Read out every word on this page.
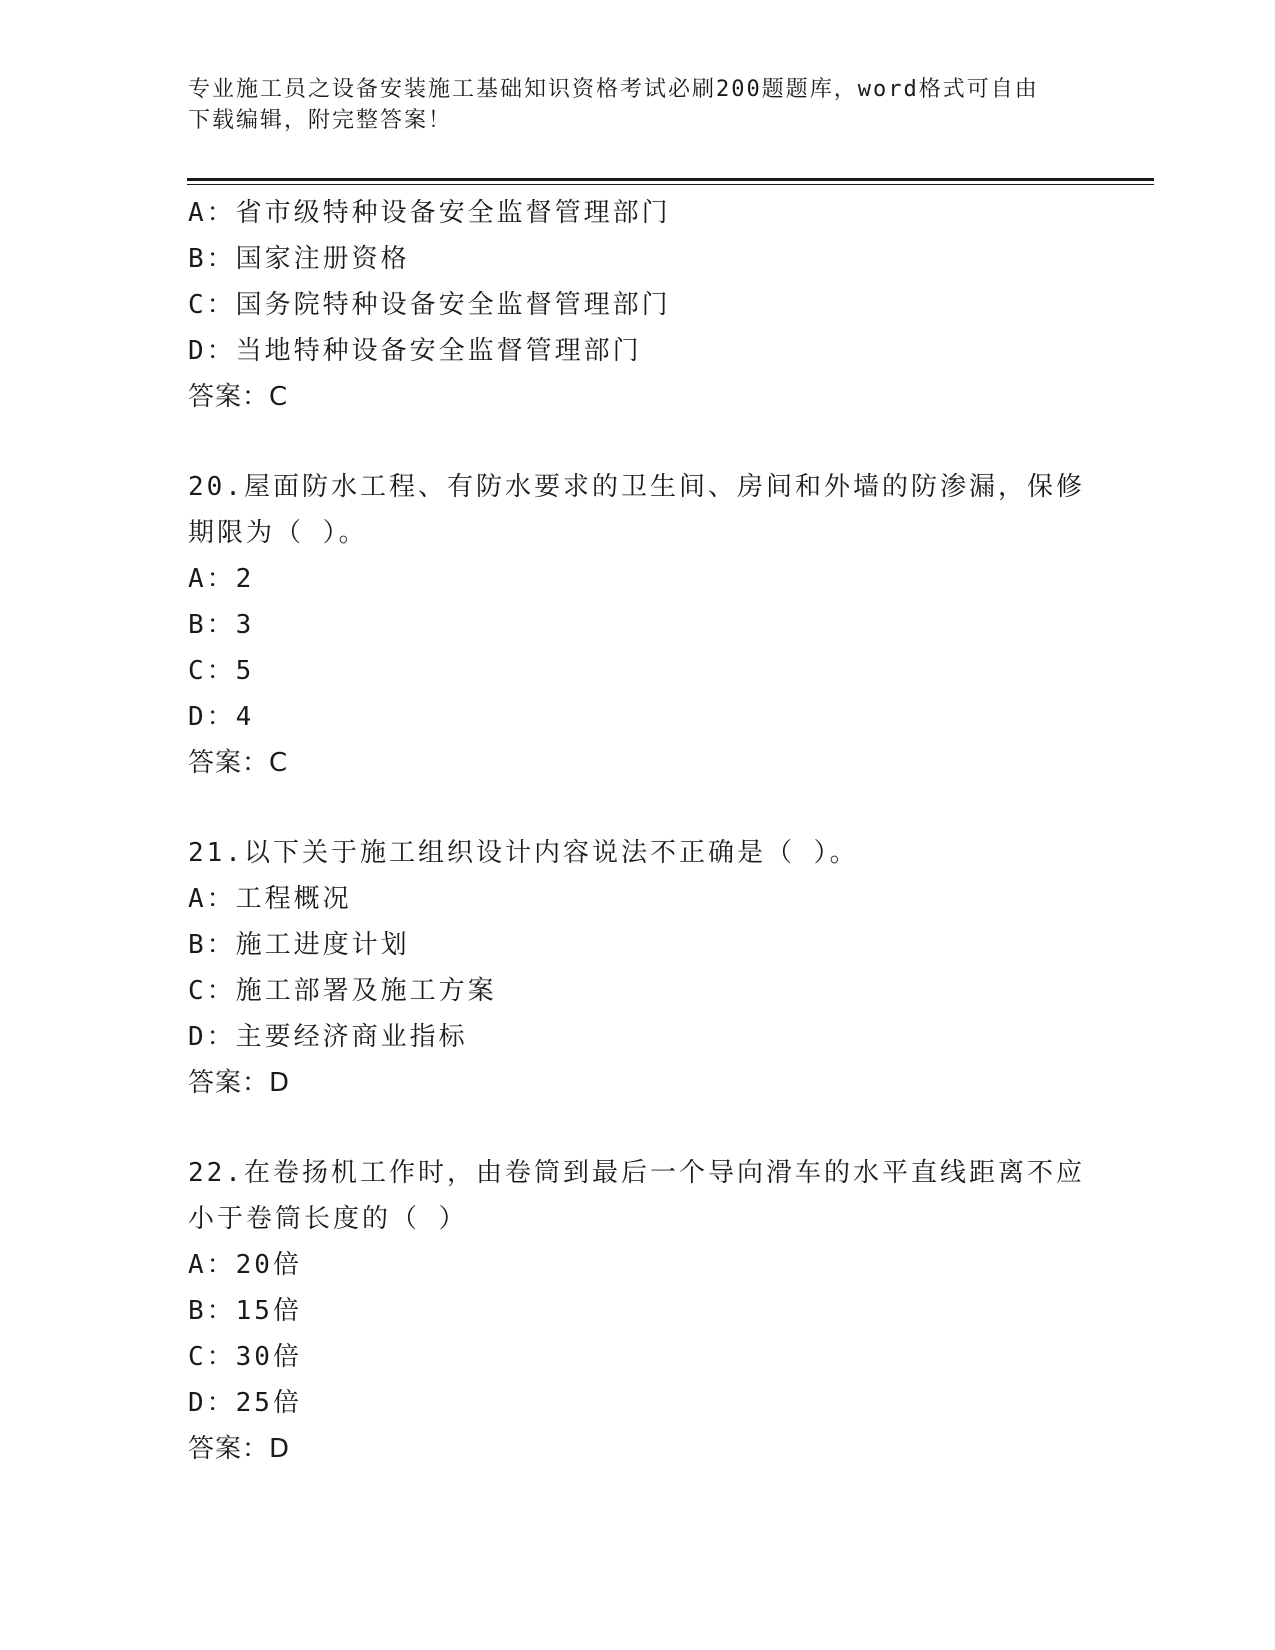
专业施工员之设备安装施工基础知识资格考试必刷200题题库，word格式可自由
下载编辑，附完整答案！
A：省市级特种设备安全监督管理部门
B：国家注册资格
C：国务院特种设备安全监督管理部门
D：当地特种设备安全监督管理部门
答案：C
20.屋面防水工程、有防水要求的卫生间、房间和外墙的防渗漏，保修
期限为（ ）。
A：2
B：3
C：5
D：4
答案：C
21.以下关于施工组织设计内容说法不正确是（ ）。
A：工程概况
B：施工进度计划
C：施工部署及施工方案
D：主要经济商业指标
答案：D
22.在卷扬机工作时，由卷筒到最后一个导向滑车的水平直线距离不应
小于卷筒长度的（ ）
A：20倍
B：15倍
C：30倍
D：25倍
答案：D
